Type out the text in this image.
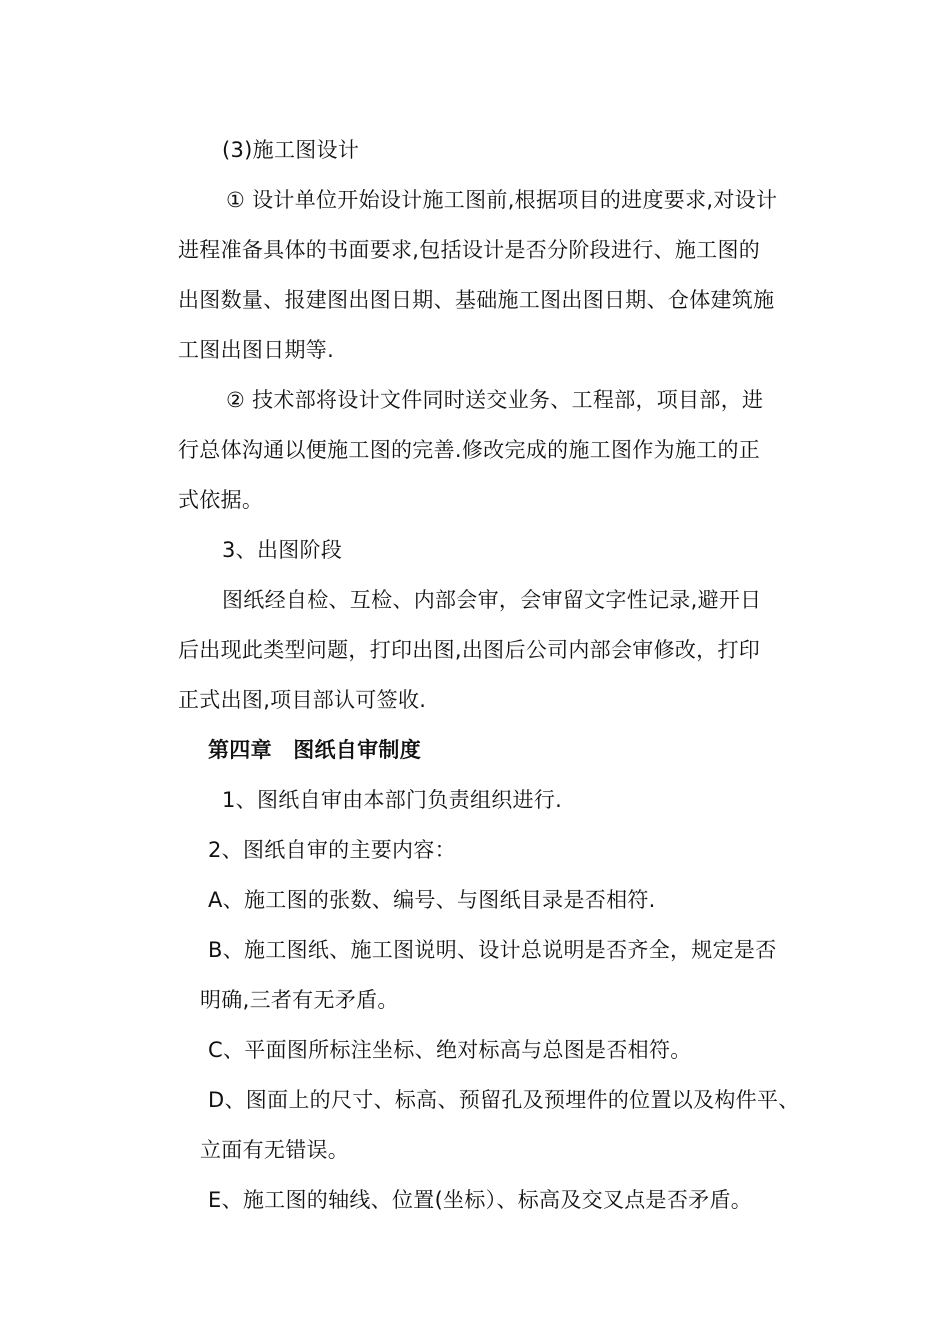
(3)施工图设计
① 设计单位开始设计施工图前,根据项目的进度要求,对设计
进程准备具体的书面要求,包括设计是否分阶段进行、施工图的
出图数量、报建图出图日期、基础施工图出图日期、仓体建筑施
工图出图日期等.
② 技术部将设计文件同时送交业务、工程部，项目部，进
行总体沟通以便施工图的完善.修改完成的施工图作为施工的正
式依据。
3、出图阶段
图纸经自检、互检、内部会审，会审留文字性记录,避开日
后出现此类型问题，打印出图,出图后公司内部会审修改，打印
正式出图,项目部认可签收.
第四章　图纸自审制度
1、图纸自审由本部门负责组织进行.
2、图纸自审的主要内容：
A、施工图的张数、编号、与图纸目录是否相符.
B、施工图纸、施工图说明、设计总说明是否齐全，规定是否
明确,三者有无矛盾。
C、平面图所标注坐标、绝对标高与总图是否相符。
D、图面上的尺寸、标高、预留孔及预埋件的位置以及构件平、
立面有无错误。
E、施工图的轴线、位置(坐标）、标高及交叉点是否矛盾。
